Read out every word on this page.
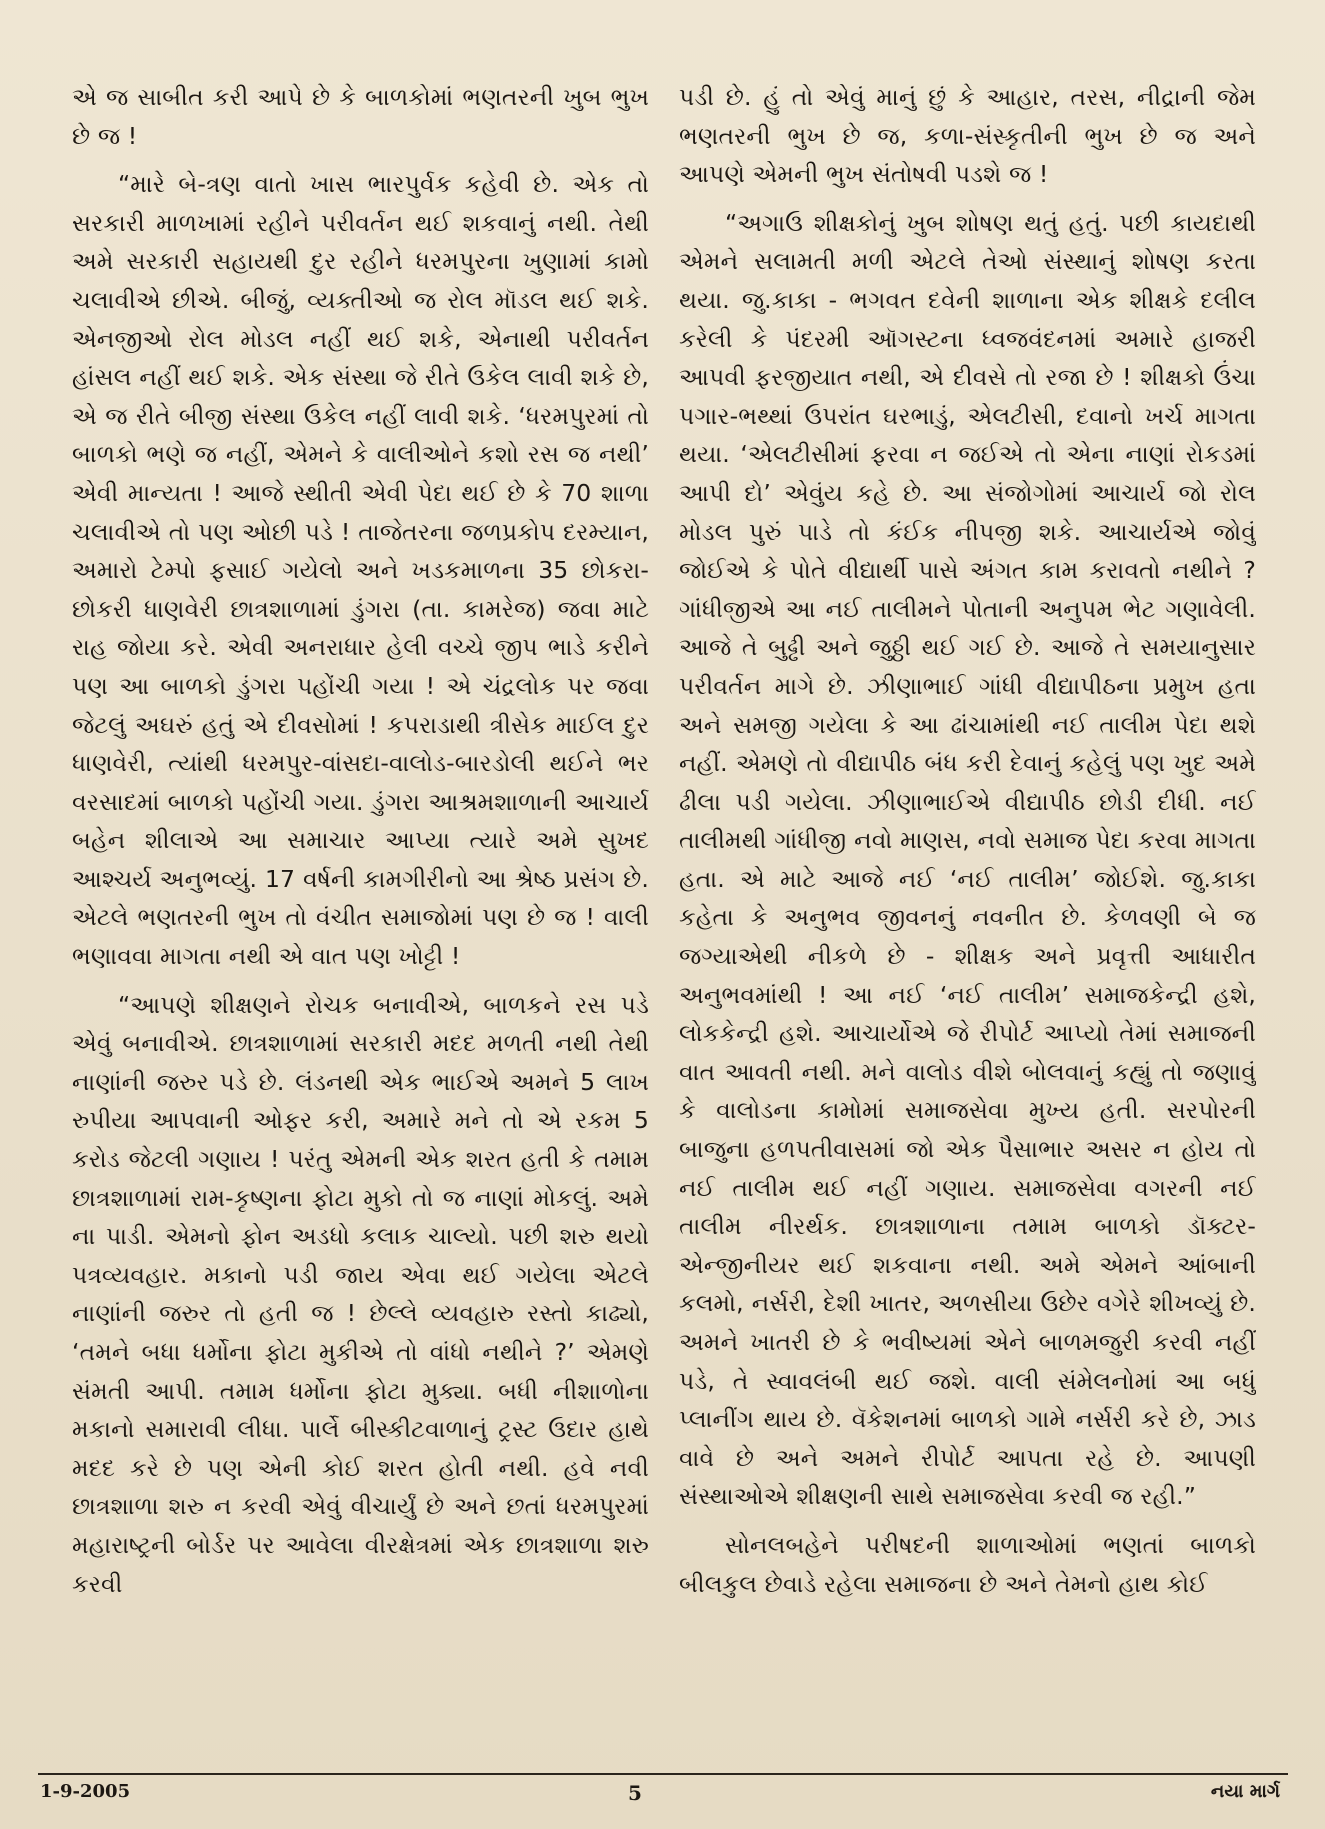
એ જ સાબીત કરી આપે છે કે બાળકોમાં ભણતરની ખુબ ભુખ છે જ !

“મારે બે-ત્રણ વાતો ખાસ ભારપુર્વક કહેવી છે. એક તો સરકારી માળખામાં રહીને પરીવર્તન થઈ શકવાનું નથી. તેથી અમે સરકારી સહાયથી દુર રહીને ધરમપુરના ખુણામાં કામો ચલાવીએ છીએ. બીજું, વ્યક્તીઓ જ રોલ મૉડલ થઈ શકે. એનજીઓ રોલ મોડલ નહીં થઈ શકે, એનાથી પરીવર્તન હાંસલ નહીં થઈ શકે. એક સંસ્થા જે રીતે ઉકેલ લાવી શકે છે, એ જ રીતે બીજી સંસ્થા ઉકેલ નહીં લાવી શકે. ‘ધરમપુરમાં તો બાળકો ભણે જ નહીં, એમને કે વાલીઓને કશો રસ જ નથી’ એવી માન્યતા ! આજે સ્થીતી એવી પેદા થઈ છે કે 70 શાળા ચલાવીએ તો પણ ઓછી પડે ! તાજેતરના જળપ્રકોપ દરમ્યાન, અમારો ટેમ્પો ફસાઈ ગયેલો અને ખડકમાળના 35 છોકરા-છોકરી ધાણવેરી છાત્રશાળામાં ડુંગરા (તા. કામરેજ) જવા માટે રાહ જોયા કરે. એવી અનરાધાર હેલી વચ્ચે જીપ ભાડે કરીને પણ આ બાળકો ડુંગરા પહોંચી ગયા ! એ ચંદ્રલોક પર જવા જેટલું અઘરું હતું એ દીવસોમાં ! કપરાડાથી ત્રીસેક માઈલ દુર ધાણવેરી, ત્યાંથી ધરમપુર-વાંસદા-વાલોડ-બારડોલી થઈને ભર વરસાદમાં બાળકો પહોંચી ગયા. ડુંગરા આશ્રમશાળાની આચાર્ય બહેન શીલાએ આ સમાચાર આપ્યા ત્યારે અમે સુખદ આશ્ચર્ય અનુભવ્યું. 17 વર્ષની કામગીરીનો આ શ્રેષ્ઠ પ્રસંગ છે. એટલે ભણતરની ભુખ તો વંચીત સમાજોમાં પણ છે જ ! વાલી ભણાવવા માગતા નથી એ વાત પણ ખોટ્ટી !

“આપણે શીક્ષણને રોચક બનાવીએ, બાળકને રસ પડે એવું બનાવીએ. છાત્રશાળામાં સરકારી મદદ મળતી નથી તેથી નાણાંની જરુર પડે છે. લંડનથી એક ભાઈએ અમને 5 લાખ રુપીયા આપવાની ઓફર કરી, અમારે મને તો એ રકમ 5 કરોડ જેટલી ગણાય ! પરંતુ એમની એક શરત હતી કે તમામ છાત્રશાળામાં રામ-કૃષ્ણના ફોટા મુકો તો જ નાણાં મોકલું. અમે ના પાડી. એમનો ફોન અડધો કલાક ચાલ્યો. પછી શરુ થયો પત્રવ્યવહાર. મકાનો પડી જાય એવા થઈ ગયેલા એટલે નાણાંની જરુર તો હતી જ ! છેલ્લે વ્યવહારુ રસ્તો કાઢ્યો, ‘તમને બધા ધર્મોના ફોટા મુકીએ તો વાંધો નથીને ?’ એમણે સંમતી આપી. તમામ ધર્મોના ફોટા મુક્યા. બધી નીશાળોના મકાનો સમારાવી લીધા. પાર્લે બીસ્કીટવાળાનું ટ્રસ્ટ ઉદાર હાથે મદદ કરે છે પણ એની કોઈ શરત હોતી નથી. હવે નવી છાત્રશાળા શરુ ન કરવી એવું વીચાર્યું છે અને છતાં ધરમપુરમાં મહારાષ્ટ્રની બોર્ડર પર આવેલા વીરક્ષેત્રમાં એક છાત્રશાળા શરુ કરવી

પડી છે. હું તો એવું માનું છું કે આહાર, તરસ, નીદ્રાની જેમ ભણતરની ભુખ છે જ, કળા-સંસ્કૃતીની ભુખ છે જ અને આપણે એમની ભુખ સંતોષવી પડશે જ !

“અગાઉ શીક્ષકોનું ખુબ શોષણ થતું હતું. પછી કાયદાથી એમને સલામતી મળી એટલે તેઓ સંસ્થાનું શોષણ કરતા થયા. જુ.કાકા - ભગવત દવેની શાળાના એક શીક્ષકે દલીલ કરેલી કે પંદરમી ઑગસ્ટના ધ્વજવંદનમાં અમારે હાજરી આપવી ફરજીયાત નથી, એ દીવસે તો રજા છે ! શીક્ષકો ઉંચા પગાર-ભથ્થાં ઉપરાંત ઘરભાડું, એલટીસી, દવાનો ખર્ચ માગતા થયા. ‘એલટીસીમાં ફરવા ન જઈએ તો એના નાણાં રોકડમાં આપી દો’ એવુંય કહે છે. આ સંજોગોમાં આચાર્ય જો રોલ મોડલ પુરું પાડે તો કંઈક નીપજી શકે. આચાર્યએ જોવું જોઈએ કે પોતે વીદ્યાર્થી પાસે અંગત કામ કરાવતો નથીને ? ગાંધીજીએ આ નઈ તાલીમને પોતાની અનુપમ ભેટ ગણાવેલી. આજે તે બુઢ્ઢી અને જુઠ્ઠી થઈ ગઈ છે. આજે તે સમયાનુસાર પરીવર્તન માગે છે. ઝીણાભાઈ ગાંધી વીદ્યાપીઠના પ્રમુખ હતા અને સમજી ગયેલા કે આ ઢાંચામાંથી નઈ તાલીમ પેદા થશે નહીં. એમણે તો વીદ્યાપીઠ બંધ કરી દેવાનું કહેલું પણ ખુદ અમે ઢીલા પડી ગયેલા. ઝીણાભાઈએ વીદ્યાપીઠ છોડી દીધી. નઈ તાલીમથી ગાંધીજી નવો માણસ, નવો સમાજ પેદા કરવા માગતા હતા. એ માટે આજે નઈ ‘નઈ તાલીમ’ જોઈશે. જુ.કાકા કહેતા કે અનુભવ જીવનનું નવનીત છે. કેળવણી બે જ જગ્યાએથી નીકળે છે - શીક્ષક અને પ્રવૃત્તી આધારીત અનુભવમાંથી ! આ નઈ ‘નઈ તાલીમ’ સમાજકેન્દ્રી હશે, લોકકેન્દ્રી હશે. આચાર્યોએ જે રીપોર્ટ આપ્યો તેમાં સમાજની વાત આવતી નથી. મને વાલોડ વીશે બોલવાનું કહ્યું તો જણાવું કે વાલોડના કામોમાં સમાજસેવા મુખ્ય હતી. સરપોરની બાજુના હળપતીવાસમાં જો એક પૈસાભાર અસર ન હોય તો નઈ તાલીમ થઈ નહીં ગણાય. સમાજસેવા વગરની નઈ તાલીમ નીરર્થક. છાત્રશાળાના તમામ બાળકો ડૉક્ટર-એન્જીનીયર થઈ શકવાના નથી. અમે એમને આંબાની કલમો, નર્સરી, દેશી ખાતર, અળસીયા ઉછેર વગેરે શીખવ્યું છે. અમને ખાતરી છે કે ભવીષ્યમાં એને બાળમજુરી કરવી નહીં પડે, તે સ્વાવલંબી થઈ જશે. વાલી સંમેલનોમાં આ બધું પ્લાનીંગ થાય છે. વૅકેશનમાં બાળકો ગામે નર્સરી કરે છે, ઝાડ વાવે છે અને અમને રીપોર્ટ આપતા રહે છે. આપણી સંસ્થાઓએ શીક્ષણની સાથે સમાજસેવા કરવી જ રહી.”

સોનલબહેને પરીષદની શાળાઓમાં ભણતાં બાળકો બીલકુલ છેવાડે રહેલા સમાજના છે અને તેમનો હાથ કોઈ

1-9-2005	5	નયા માર્ગ
